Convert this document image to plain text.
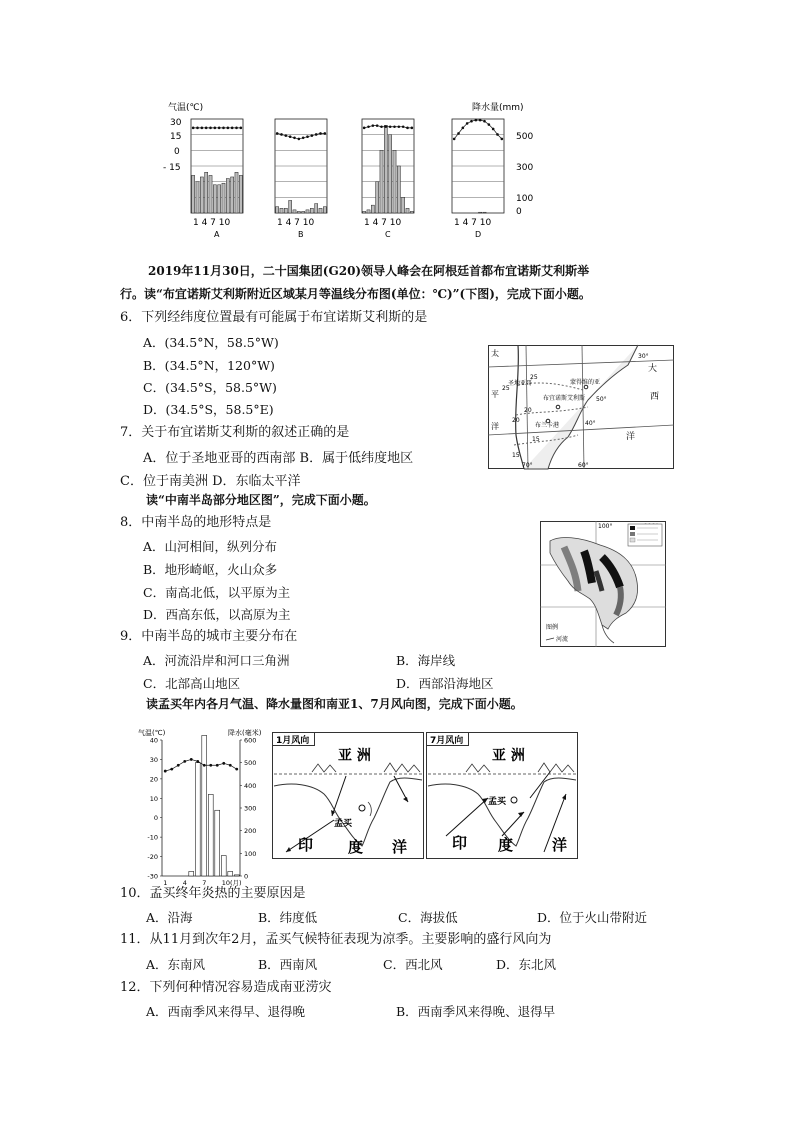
气温(℃)	降水量(mm)
30
15
0
- 15
500
300
100
0
1 4 7 10
A
1 4 7 10
B
1 4 7 10
C
1 4 7 10
D
2019年11月30日，二十国集团(G20)领导人峰会在阿根廷首都布宜诺斯艾利斯举
行。读“布宜诺斯艾利斯附近区域某月等温线分布图(单位：℃)”(下图)，完成下面小题。
6．下列经纬度位置最有可能属于布宜诺斯艾利斯的是
A．(34.5°N，58.5°W)
B．(34.5°N，120°W)
C．(34.5°S，58.5°W)
D．(34.5°S，58.5°E)
7．关于布宜诺斯艾利斯的叙述正确的是
A．位于圣地亚哥的西南部 B．属于低纬度地区
C．位于南美洲 D．东临太平洋
太
平
洋
大
西
洋
圣地亚哥	蒙得维的亚
布宜诺斯艾利斯
布兰卡港
25
25
20
20
15
15
30°
40°
50°
70°	60°
读“中南半岛部分地区图”，完成下面小题。
8．中南半岛的地形特点是
A．山河相间，纵列分布
B．地形崎岖，火山众多
C．南高北低，以平原为主
D．西高东低，以高原为主
100°
图例
河流
9．中南半岛的城市主要分布在
A．河流沿岸和河口三角洲	B．海岸线
C．北部高山地区	D．西部沿海地区
读孟买年内各月气温、降水量图和南亚1、7月风向图，完成下面小题。
气温(℃)	降水(毫米)
40
30
20
10
0
-10
-20
-30
600
500
400
300
200
100
0
1 4 7 10(月)
1月风向
亚 洲
孟买
印 度 洋
7月风向
亚 洲
孟买
印 度	洋
10．孟买终年炎热的主要原因是
A．沿海	B．纬度低	C．海拔低	D．位于火山带附近
11．从11月到次年2月，孟买气候特征表现为凉季。主要影响的盛行风向为
A．东南风	B．西南风	C．西北风	D．东北风
12．下列何种情况容易造成南亚涝灾
A．西南季风来得早、退得晚	B．西南季风来得晚、退得早
